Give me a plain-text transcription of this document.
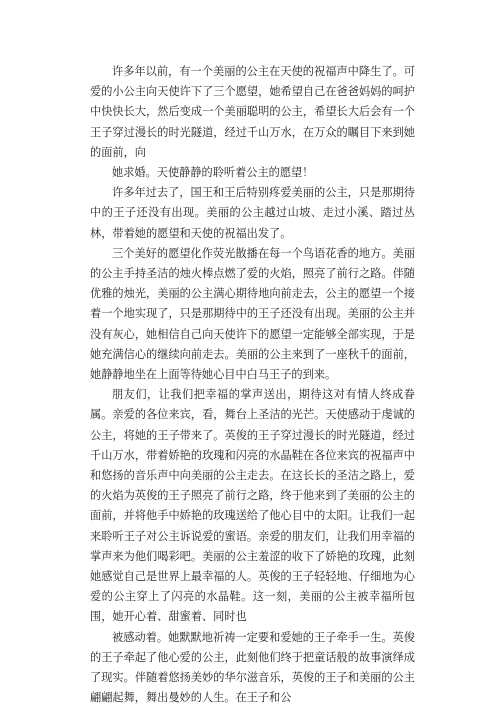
许多年以前，有一个美丽的公主在天使的祝福声中降生了。可爱的小公主向天使许下了三个愿望，她希望自己在爸爸妈妈的呵护中快快长大，然后变成一个美丽聪明的公主，希望长大后会有一个王子穿过漫长的时光隧道，经过千山万水，在万众的瞩目下来到她的面前，向

她求婚。天使静静的聆听着公主的愿望！

许多年过去了，国王和王后特别疼爱美丽的公主，只是那期待中的王子还没有出现。美丽的公主越过山坡、走过小溪、踏过丛林，带着她的愿望和天使的祝福出发了。

三个美好的愿望化作荧光散播在每一个鸟语花香的地方。美丽的公主手持圣洁的烛火棒点燃了爱的火焰，照亮了前行之路。伴随优雅的烛光，美丽的公主满心期待地向前走去，公主的愿望一个接着一个地实现了，只是那期待中的王子还没有出现。美丽的公主并没有灰心，她相信自己向天使许下的愿望一定能够全部实现，于是她充满信心的继续向前走去。美丽的公主来到了一座秋千的面前，她静静地坐在上面等待她心目中白马王子的到来。

朋友们，让我们把幸福的掌声送出，期待这对有情人终成眷属。亲爱的各位来宾，看，舞台上圣洁的光芒。天使感动于虔诚的公主，将她的王子带来了。英俊的王子穿过漫长的时光隧道，经过千山万水，带着娇艳的玫瑰和闪亮的水晶鞋在各位来宾的祝福声中和悠扬的音乐声中向美丽的公主走去。在这长长的圣洁之路上，爱的火焰为英俊的王子照亮了前行之路，终于他来到了美丽的公主的面前，并将他手中娇艳的玫瑰送给了他心目中的太阳。让我们一起来聆听王子对公主诉说爱的蜜语。亲爱的朋友们，让我们用幸福的掌声来为他们喝彩吧。美丽的公主羞涩的收下了娇艳的玫瑰，此刻她感觉自己是世界上最幸福的人。英俊的王子轻轻地、仔细地为心爱的公主穿上了闪亮的水晶鞋。这一刻，美丽的公主被幸福所包围，她开心着、甜蜜着、同时也

被感动着。她默默地祈祷一定要和爱她的王子牵手一生。英俊的王子牵起了他心爱的公主，此刻他们终于把童话般的故事演绎成了现实。伴随着悠扬美妙的华尔滋音乐，英俊的王子和美丽的公主翩翩起舞，舞出曼妙的人生。在王子和公
